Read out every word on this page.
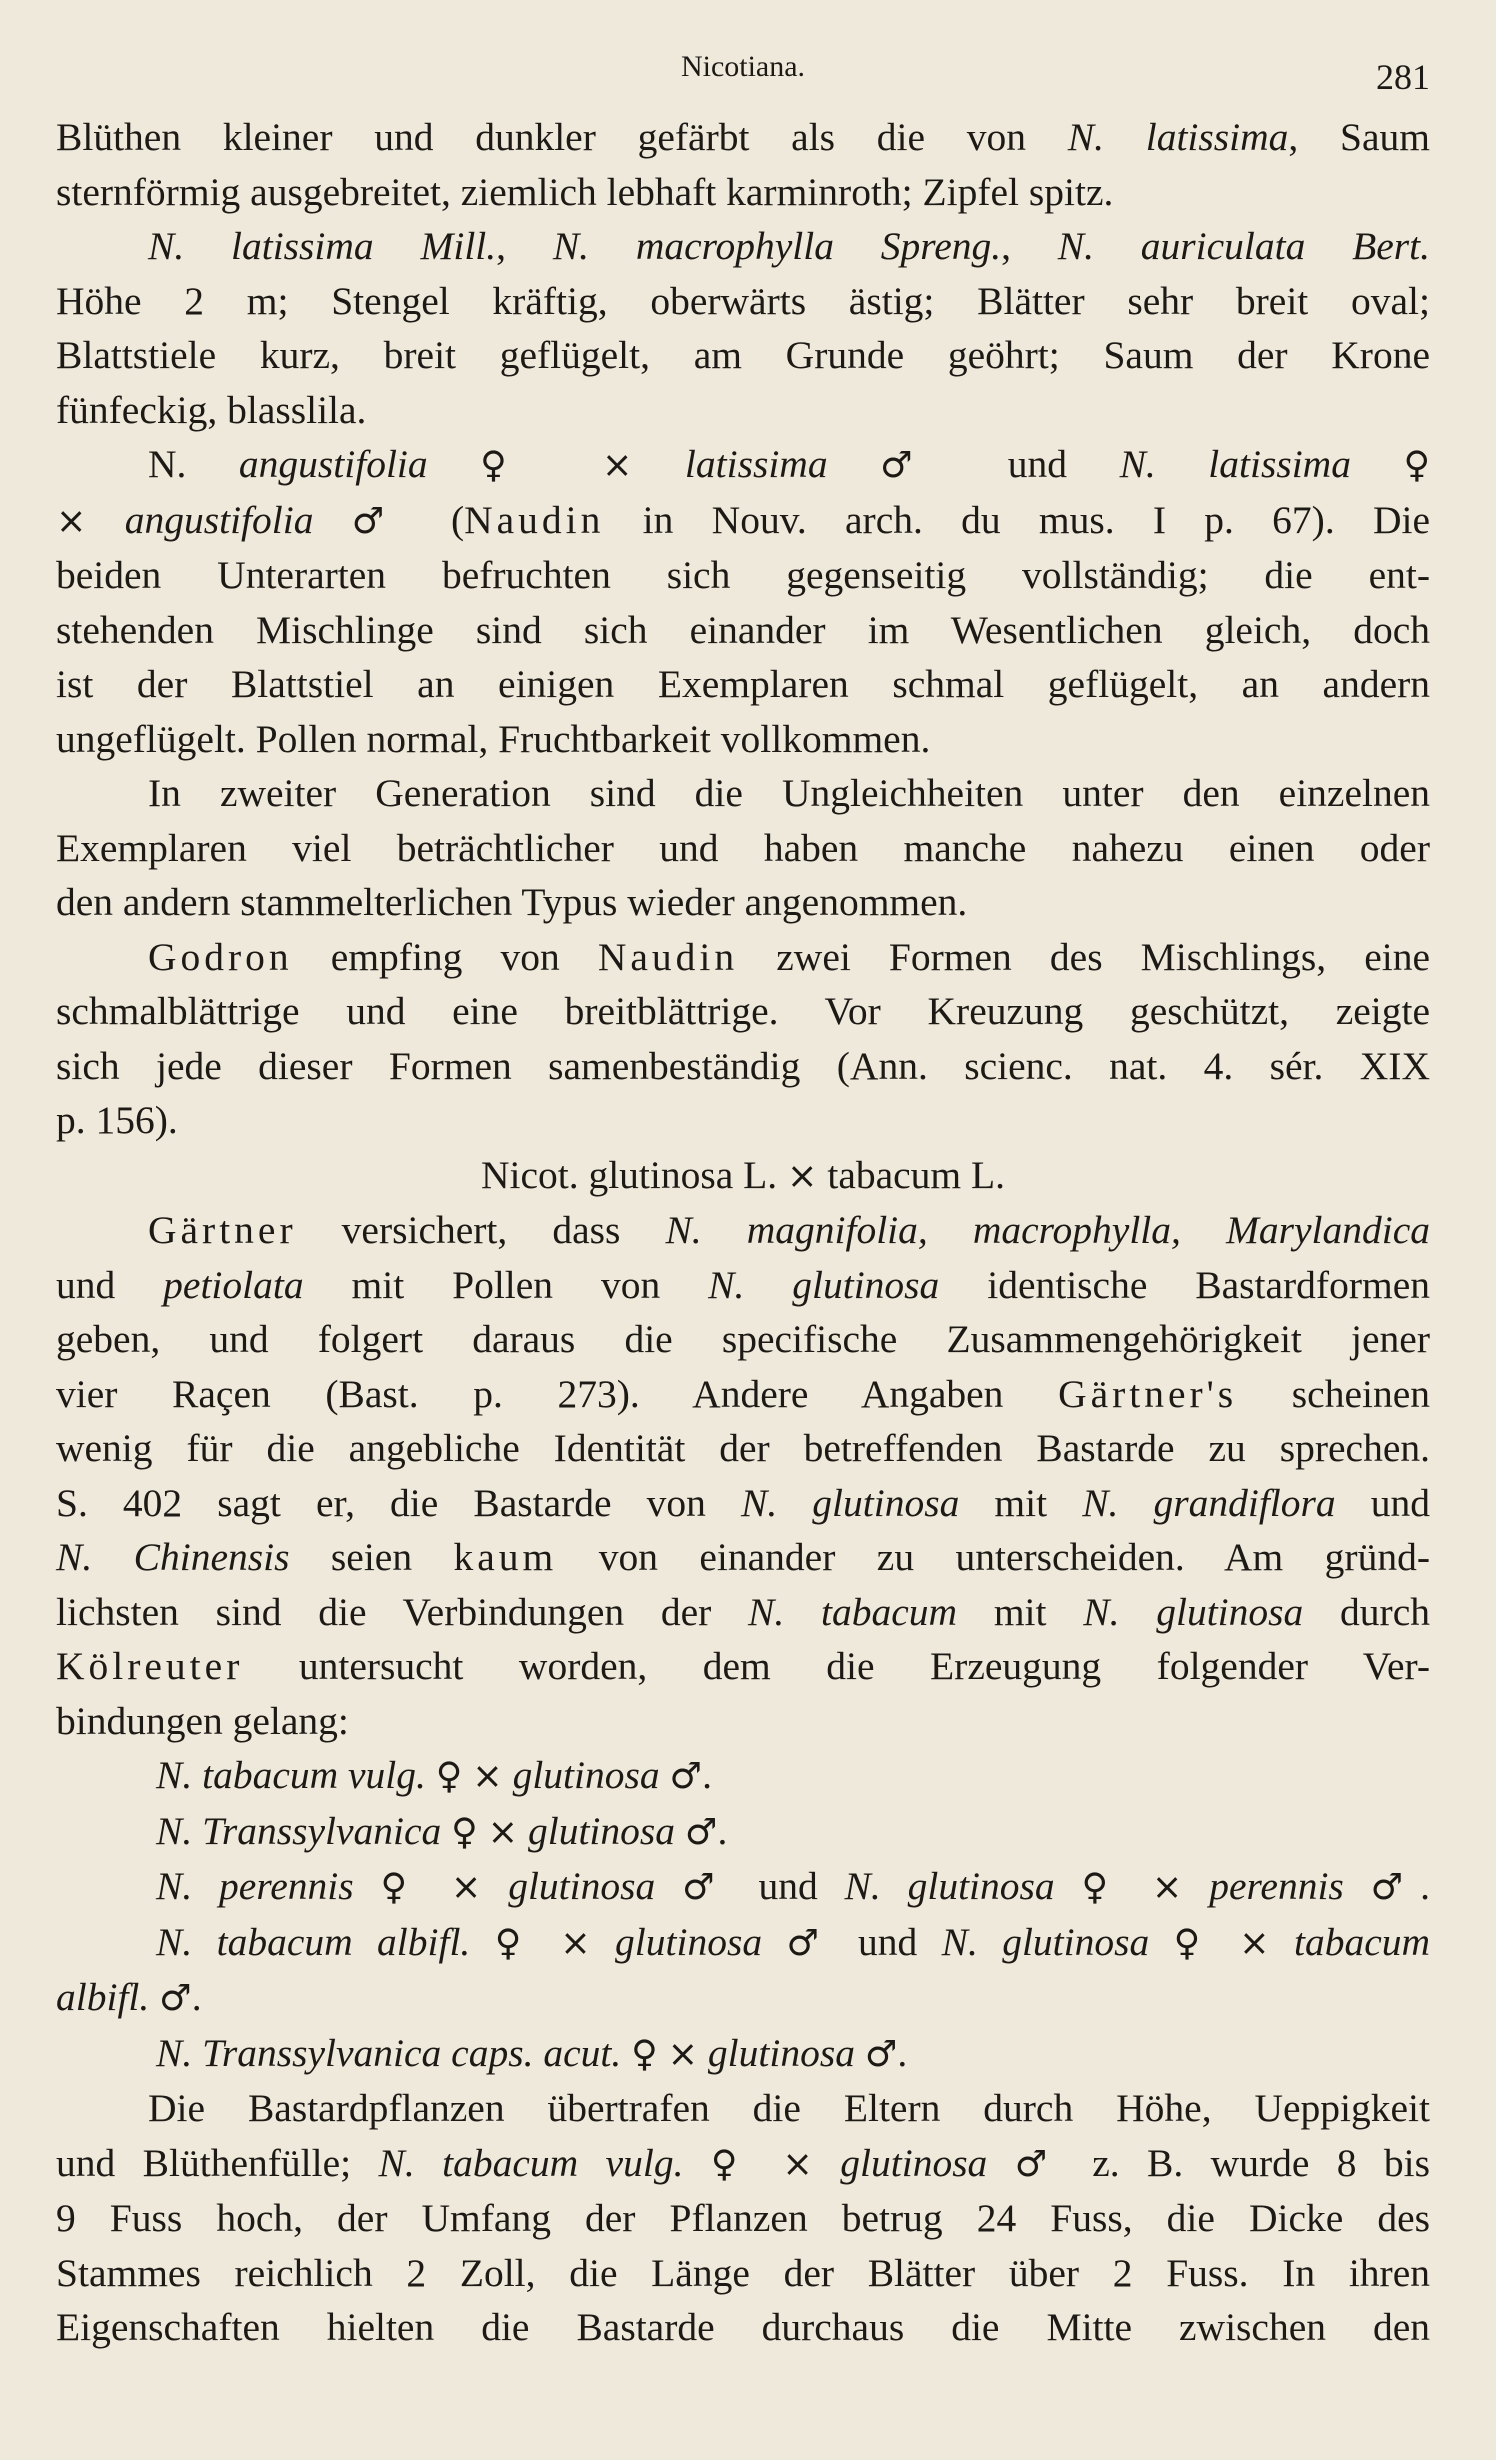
Nicotiana.	281
Blüthen kleiner und dunkler gefärbt als die von N. latissima, Saum
sternförmig ausgebreitet, ziemlich lebhaft karminroth; Zipfel spitz.
N. latissima Mill., N. macrophylla Spreng., N. auriculata Bert.
Höhe 2 m; Stengel kräftig, oberwärts ästig; Blätter sehr breit oval;
Blattstiele kurz, breit geflügelt, am Grunde geöhrt; Saum der Krone
fünfeckig, blasslila.
N. angustifolia ♀ × latissima ♂ und N. latissima ♀
× angustifolia ♂ (Naudin in Nouv. arch. du mus. I p. 67). Die
beiden Unterarten befruchten sich gegenseitig vollständig; die ent-
stehenden Mischlinge sind sich einander im Wesentlichen gleich, doch
ist der Blattstiel an einigen Exemplaren schmal geflügelt, an andern
ungeflügelt. Pollen normal, Fruchtbarkeit vollkommen.
In zweiter Generation sind die Ungleichheiten unter den einzelnen
Exemplaren viel beträchtlicher und haben manche nahezu einen oder
den andern stammelterlichen Typus wieder angenommen.
Godron empfing von Naudin zwei Formen des Mischlings, eine
schmalblättrige und eine breitblättrige. Vor Kreuzung geschützt, zeigte
sich jede dieser Formen samenbeständig (Ann. scienc. nat. 4. sér. XIX
p. 156).
Nicot. glutinosa L. × tabacum L.
Gärtner versichert, dass N. magnifolia, macrophylla, Marylandica
und petiolata mit Pollen von N. glutinosa identische Bastardformen
geben, und folgert daraus die specifische Zusammengehörigkeit jener
vier Raçen (Bast. p. 273). Andere Angaben Gärtner's scheinen
wenig für die angebliche Identität der betreffenden Bastarde zu sprechen.
S. 402 sagt er, die Bastarde von N. glutinosa mit N. grandiflora und
N. Chinensis seien kaum von einander zu unterscheiden. Am gründ-
lichsten sind die Verbindungen der N. tabacum mit N. glutinosa durch
Kölreuter untersucht worden, dem die Erzeugung folgender Ver-
bindungen gelang:
N. tabacum vulg. ♀ × glutinosa ♂.
N. Transsylvanica ♀ × glutinosa ♂.
N. perennis ♀ × glutinosa ♂ und N. glutinosa ♀ × perennis ♂.
N. tabacum albifl. ♀ × glutinosa ♂ und N. glutinosa ♀ × tabacum
albifl. ♂.
N. Transsylvanica caps. acut. ♀ × glutinosa ♂.
Die Bastardpflanzen übertrafen die Eltern durch Höhe, Ueppigkeit
und Blüthenfülle; N. tabacum vulg. ♀ × glutinosa ♂ z. B. wurde 8 bis
9 Fuss hoch, der Umfang der Pflanzen betrug 24 Fuss, die Dicke des
Stammes reichlich 2 Zoll, die Länge der Blätter über 2 Fuss. In ihren
Eigenschaften hielten die Bastarde durchaus die Mitte zwischen den
